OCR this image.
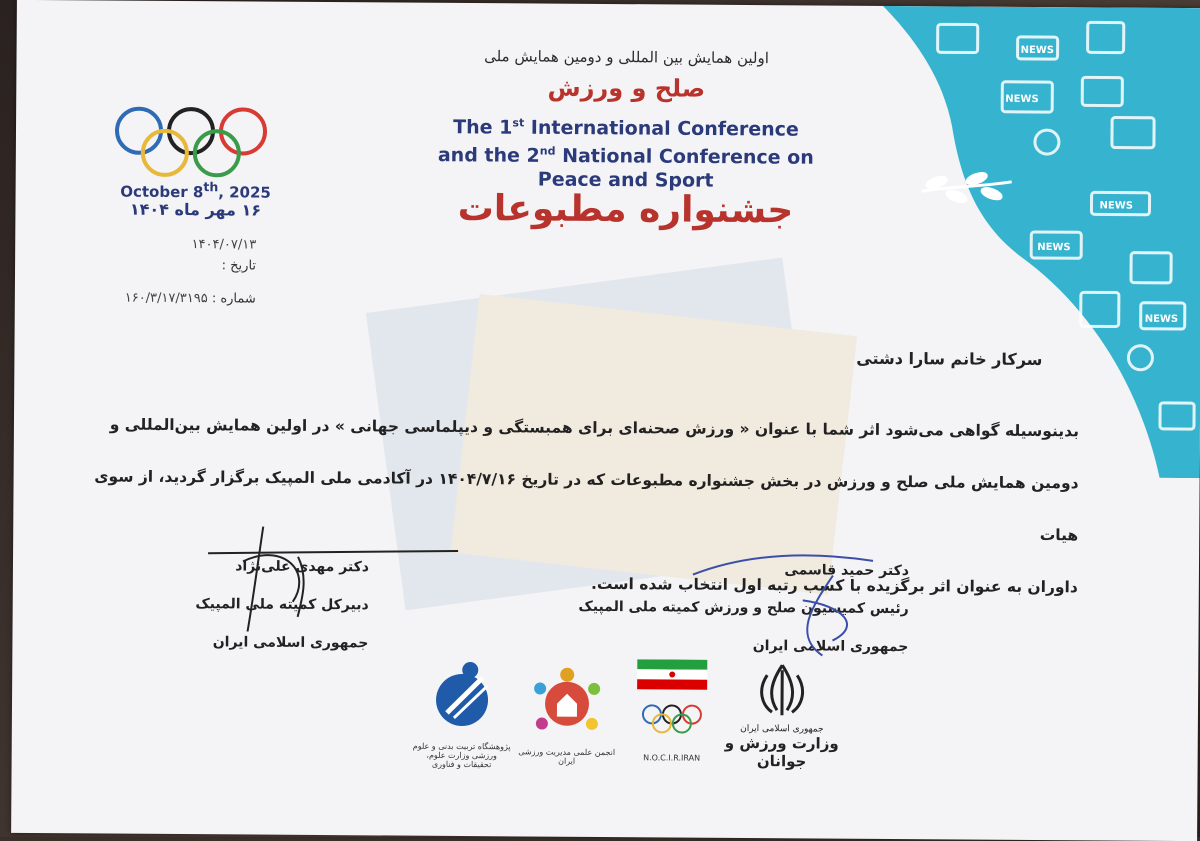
NEWS
NEWS
NEWS
NEWS
NEWS
October 8th, 2025
۱۶ مهر ماه ۱۴۰۴
۱۴۰۴/۰۷/۱۳
تاریخ :
شماره : ۱۶۰/۳/۱۷/۳۱۹۵
اولین همایش بین المللی و دومین همایش ملی
صلح و ورزش
The 1st International Conference
and the 2nd National Conference on
Peace and Sport
جشنواره مطبوعات
سرکار خانم سارا دشتی
بدینوسیله گواهی می‌شود اثر شما با عنوان « ورزش صحنه‌ای برای همبستگی و دیپلماسی جهانی » در اولین همایش بین‌المللی و
دومین همایش ملی صلح و ورزش در بخش جشنواره مطبوعات که در تاریخ ۱۴۰۴/۷/۱۶ در آکادمی ملی المپیک برگزار گردید، از سوی هیات
داوران به عنوان اثر برگزیده با کسب رتبه اول انتخاب شده است.
دکتر حمید قاسمی
رئیس کمیسیون صلح و ورزش کمیته ملی المپیک
جمهوری اسلامی ایران
دکتر مهدی علی‌نژاد
دبیرکل کمیته ملی المپیک
جمهوری اسلامی ایران
پژوهشگاه تربیت بدنی و علوم ورزشی وزارت علوم، تحقیقات و فناوری
انجمن علمی مدیریت ورزشی ایران	N.O.C.I.R.IRAN
جمهوری اسلامی ایران
وزارت ورزش و جوانان
